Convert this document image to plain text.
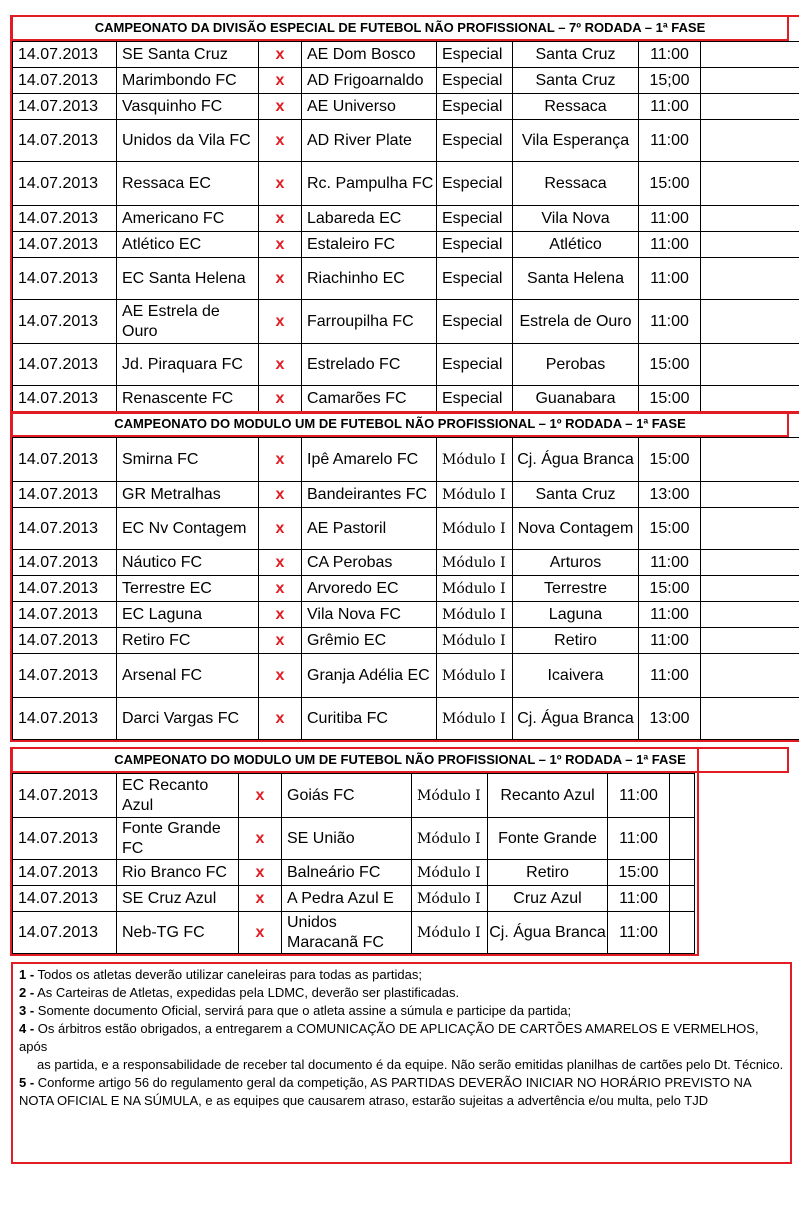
CAMPEONATO DA DIVISÃO ESPECIAL DE FUTEBOL NÃO PROFISSIONAL – 7º RODADA – 1ª FASE
14.07.2013	SE Santa Cruz	x	AE Dom Bosco	Especial	Santa Cruz	11:00	
14.07.2013	Marimbondo FC	x	AD Frigoarnaldo	Especial	Santa Cruz	15;00	
14.07.2013	Vasquinho FC	x	AE Universo	Especial	Ressaca	11:00	
14.07.2013	Unidos da Vila FC	x	AD River Plate	Especial	Vila Esperança	11:00	
14.07.2013	Ressaca EC	x	Rc. Pampulha FC	Especial	Ressaca	15:00	
14.07.2013	Americano FC	x	Labareda EC	Especial	Vila Nova	11:00	
14.07.2013	Atlético EC	x	Estaleiro FC	Especial	Atlético	11:00	
14.07.2013	EC Santa Helena	x	Riachinho EC	Especial	Santa Helena	11:00	
14.07.2013	AE Estrela de Ouro	x	Farroupilha FC	Especial	Estrela de Ouro	11:00	
14.07.2013	Jd. Piraquara FC	x	Estrelado FC	Especial	Perobas	15:00	
14.07.2013	Renascente FC	x	Camarões FC	Especial	Guanabara	15:00	
CAMPEONATO DO MODULO UM DE FUTEBOL NÃO PROFISSIONAL – 1º RODADA – 1ª FASE
14.07.2013	Smirna FC	x	Ipê Amarelo FC	Módulo I	Cj. Água Branca	15:00	
14.07.2013	GR Metralhas	x	Bandeirantes FC	Módulo I	Santa Cruz	13:00	
14.07.2013	EC Nv Contagem	x	AE Pastoril	Módulo I	Nova Contagem	15:00	
14.07.2013	Náutico FC	x	CA Perobas	Módulo I	Arturos	11:00	
14.07.2013	Terrestre EC	x	Arvoredo EC	Módulo I	Terrestre	15:00	
14.07.2013	EC Laguna	x	Vila Nova FC	Módulo I	Laguna	11:00	
14.07.2013	Retiro FC	x	Grêmio EC	Módulo I	Retiro	11:00	
14.07.2013	Arsenal FC	x	Granja Adélia EC	Módulo I	Icaivera	11:00	
14.07.2013	Darci Vargas FC	x	Curitiba FC	Módulo I	Cj. Água Branca	13:00	
CAMPEONATO DO MODULO UM DE FUTEBOL NÃO PROFISSIONAL – 1º RODADA – 1ª FASE
14.07.2013	EC Recanto Azul	x	Goiás FC	Módulo I	Recanto Azul	11:00	
14.07.2013	Fonte Grande FC	x	SE União	Módulo I	Fonte Grande	11:00	
14.07.2013	Rio Branco FC	x	Balneário FC	Módulo I	Retiro	15:00	
14.07.2013	SE Cruz Azul	x	A Pedra Azul E	Módulo I	Cruz Azul	11:00	
14.07.2013	Neb-TG FC	x	Unidos Maracanã FC	Módulo I	Cj. Água Branca	11:00	

1 - Todos os atletas deverão utilizar caneleiras para todas as partidas;

2 - As Carteiras de Atletas, expedidas pela LDMC, deverão ser plastificadas.

3 - Somente documento Oficial, servirá para que o atleta assine a súmula e participe da partida;

4 - Os árbitros estão obrigados, a entregarem a COMUNICAÇÃO DE APLICAÇÃO DE CARTÕES AMARELOS E VERMELHOS, após

as partida, e a responsabilidade de receber tal documento é da equipe. Não serão emitidas planilhas de cartões pelo Dt. Técnico.

5 - Conforme artigo 56 do regulamento geral da competição, AS PARTIDAS DEVERÃO INICIAR NO HORÁRIO PREVISTO NA NOTA OFICIAL E NA SÚMULA, e as equipes que causarem atraso, estarão sujeitas a advertência e/ou multa, pelo TJD
